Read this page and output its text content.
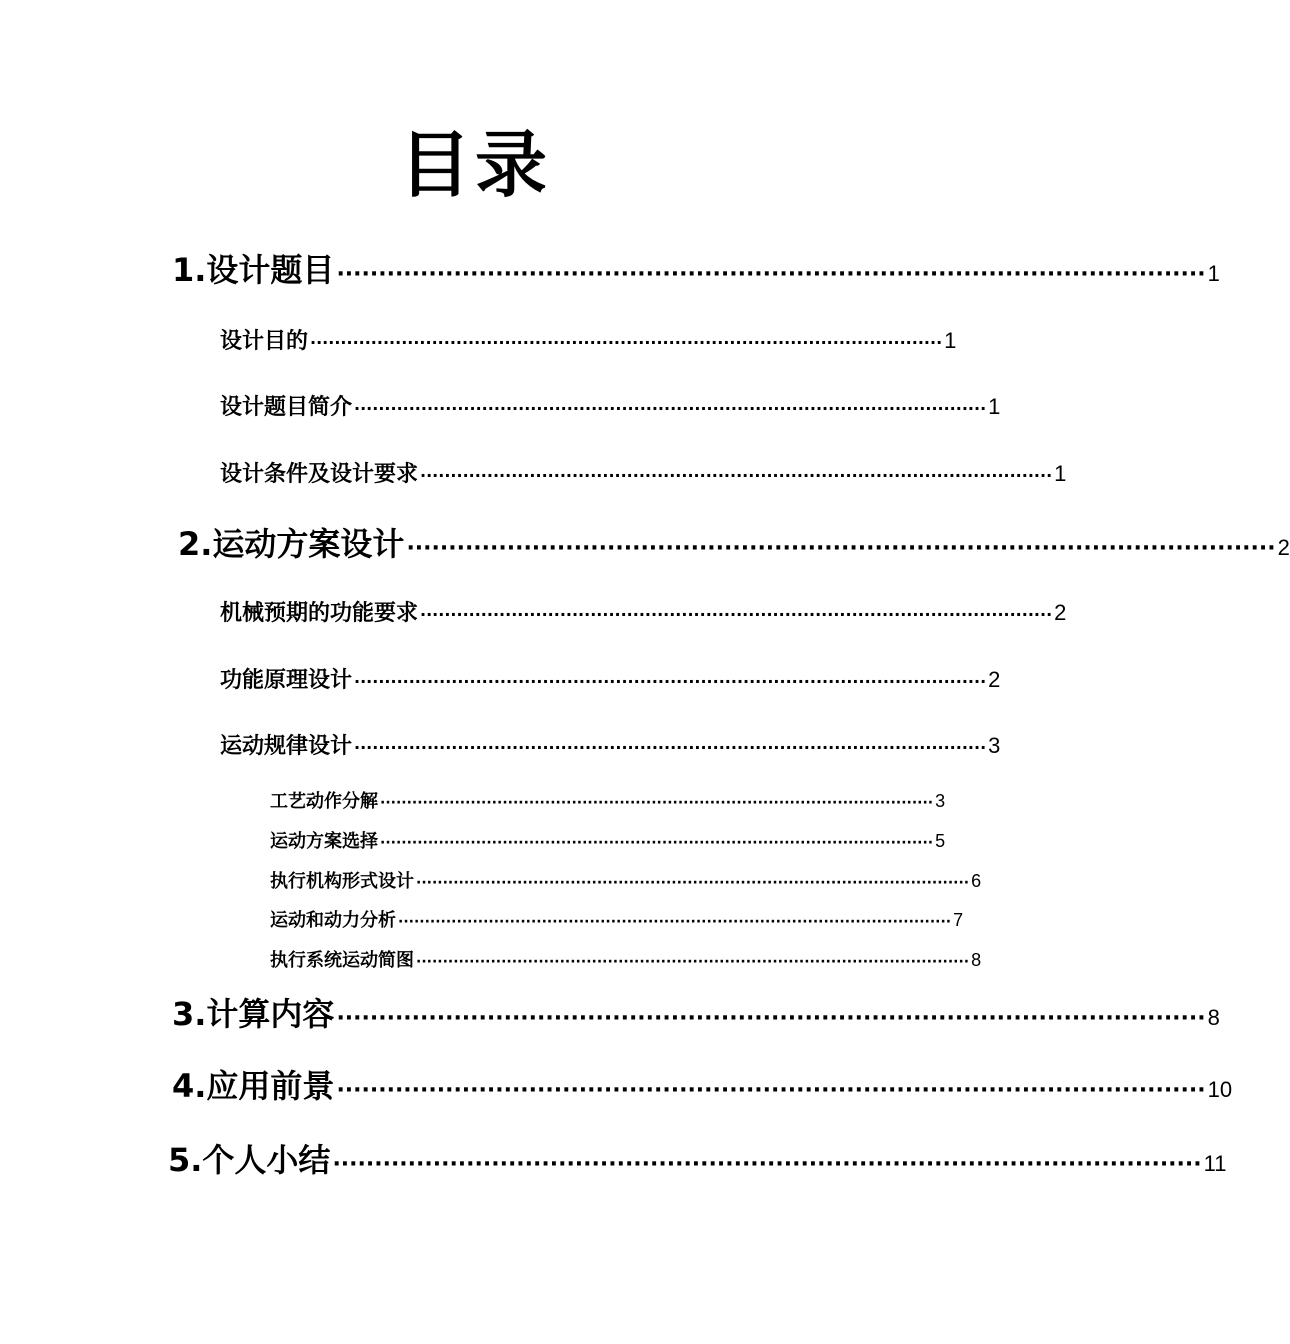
目录
1.设计题目 ········································································································ 1
设计目的 ········································································································ 1
设计题目简介 ········································································································ 1
设计条件及设计要求 ········································································································ 1
2.运动方案设计 ········································································································ 2
机械预期的功能要求 ········································································································ 2
功能原理设计 ········································································································ 2
运动规律设计 ········································································································ 3
工艺动作分解 ········································································································ 3
运动方案选择 ········································································································ 5
执行机构形式设计 ········································································································ 6
运动和动力分析 ········································································································ 7
执行系统运动简图 ········································································································ 8
3.计算内容 ········································································································ 8
4.应用前景 ········································································································ 10
5.个人小结 ········································································································ 11
